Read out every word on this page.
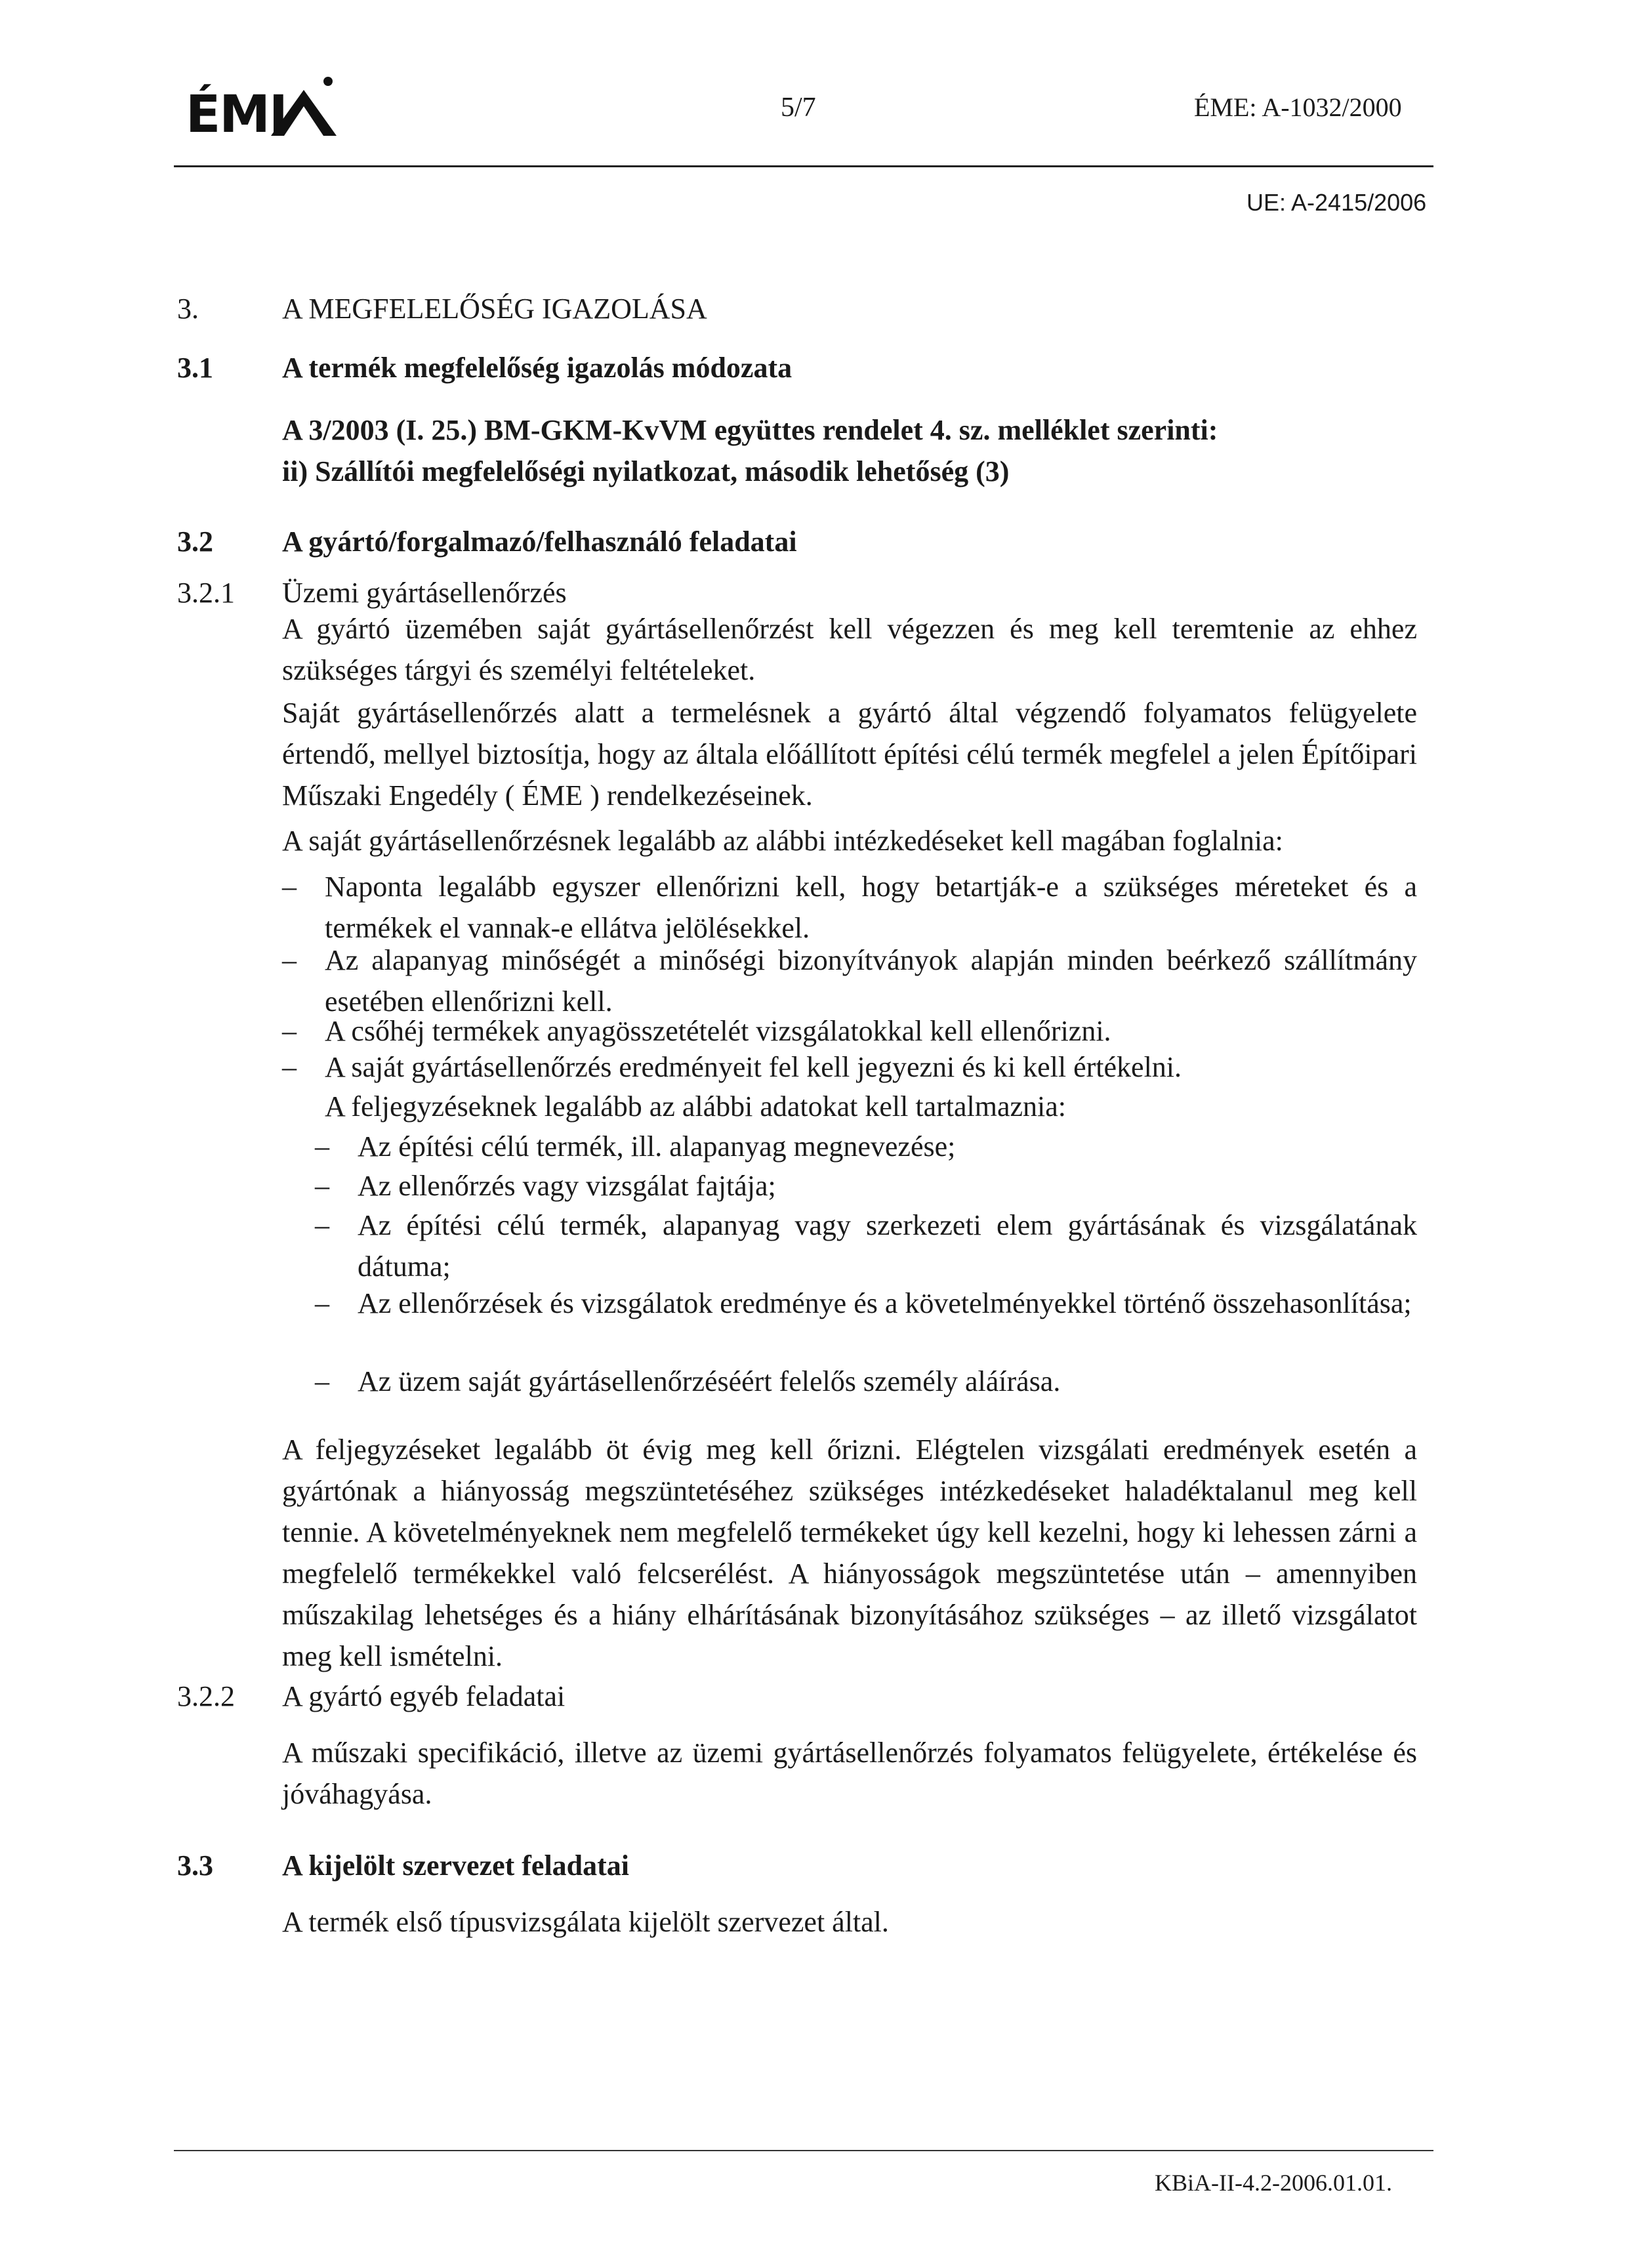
ÉMI	5/7	ÉME: A-1032/2000
UE: A-2415/2006
3.	A MEGFELELŐSÉG IGAZOLÁSA
3.1 A termék megfelelőség igazolás módozata
A 3/2003 (I. 25.) BM-GKM-KvVM együttes rendelet 4. sz. melléklet szerinti:
ii) Szállítói megfelelőségi nyilatkozat, második lehetőség (3)
3.2 A gyártó/forgalmazó/felhasználó feladatai
3.2.1 Üzemi gyártásellenőrzés

A gyártó üzemében saját gyártásellenőrzést kell végezzen és meg kell teremtenie az ehhez szükséges tárgyi és személyi feltételeket.

Saját gyártásellenőrzés alatt a termelésnek a gyártó által végzendő folyamatos felügyelete értendő, mellyel biztosítja, hogy az általa előállított építési célú termék megfelel a jelen Építőipari Műszaki Engedély ( ÉME ) rendelkezéseinek.

A saját gyártásellenőrzésnek legalább az alábbi intézkedéseket kell magában foglalnia:

– Naponta legalább egyszer ellenőrizni kell, hogy betartják-e a szükséges méreteket és a termékek el vannak-e ellátva jelölésekkel.
– Az alapanyag minőségét a minőségi bizonyítványok alapján minden beérkező szállítmány esetében ellenőrizni kell.
– A csőhéj termékek anyagösszetételét vizsgálatokkal kell ellenőrizni.
– A saját gyártásellenőrzés eredményeit fel kell jegyezni és ki kell értékelni.
A feljegyzéseknek legalább az alábbi adatokat kell tartalmaznia:
– Az építési célú termék, ill. alapanyag megnevezése;
– Az ellenőrzés vagy vizsgálat fajtája;
– Az építési célú termék, alapanyag vagy szerkezeti elem gyártásának és vizsgálatának dátuma;
– Az ellenőrzések és vizsgálatok eredménye és a követelményekkel történő összehasonlítása;
– Az üzem saját gyártásellenőrzéséért felelős személy aláírása.

A feljegyzéseket legalább öt évig meg kell őrizni. Elégtelen vizsgálati eredmények esetén a gyártónak a hiányosság megszüntetéséhez szükséges intézkedéseket haladéktalanul meg kell tennie. A követelményeknek nem megfelelő termékeket úgy kell kezelni, hogy ki lehessen zárni a megfelelő termékekkel való felcserélést. A hiányosságok megszüntetése után – amennyiben műszakilag lehetséges és a hiány elhárításának bizonyításához szükséges – az illető vizsgálatot meg kell ismételni.

3.2.2 A gyártó egyéb feladatai

A műszaki specifikáció, illetve az üzemi gyártásellenőrzés folyamatos felügyelete, értékelése és jóváhagyása.

3.3 A kijelölt szervezet feladatai

A termék első típusvizsgálata kijelölt szervezet által.

KBiA-II-4.2-2006.01.01.
